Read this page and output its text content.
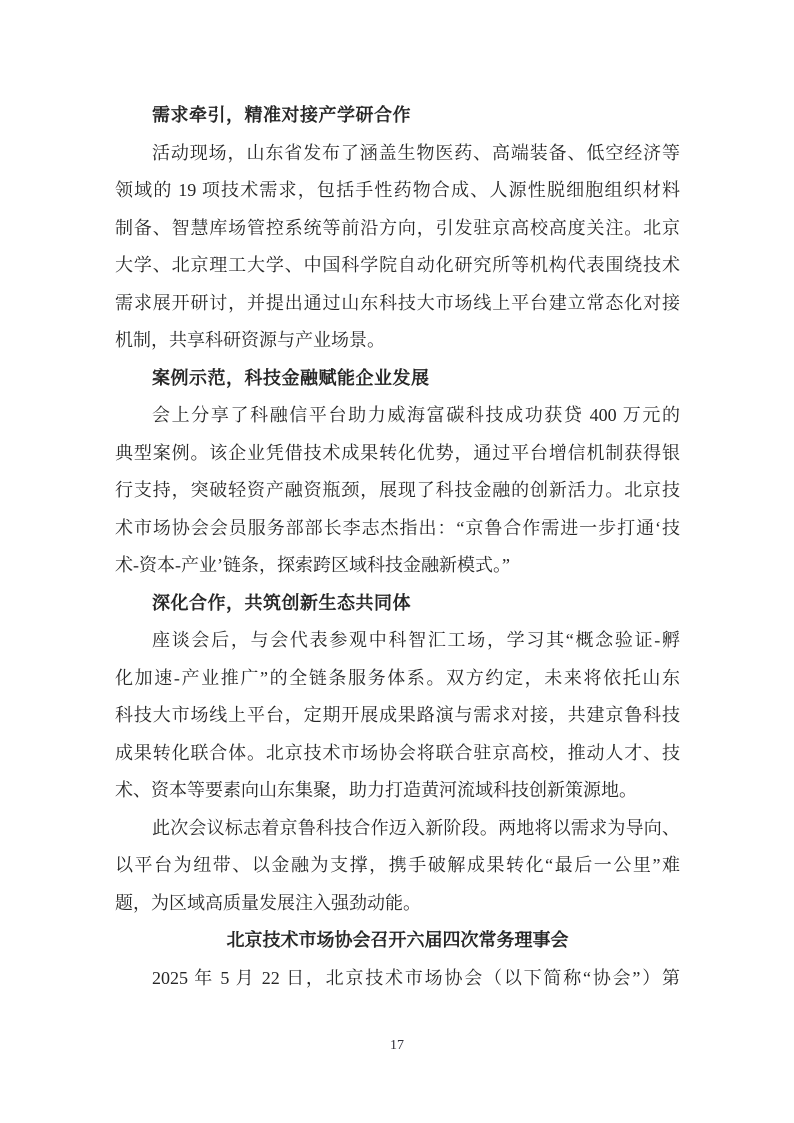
需求牵引，精准对接产学研合作
活动现场，山东省发布了涵盖生物医药、高端装备、低空经济等
领域的 19 项技术需求，包括手性药物合成、人源性脱细胞组织材料
制备、智慧库场管控系统等前沿方向，引发驻京高校高度关注。北京
大学、北京理工大学、中国科学院自动化研究所等机构代表围绕技术
需求展开研讨，并提出通过山东科技大市场线上平台建立常态化对接
机制，共享科研资源与产业场景。
案例示范，科技金融赋能企业发展
会上分享了科融信平台助力威海富碳科技成功获贷 400 万元的
典型案例。该企业凭借技术成果转化优势，通过平台增信机制获得银
行支持，突破轻资产融资瓶颈，展现了科技金融的创新活力。北京技
术市场协会会员服务部部长李志杰指出：“京鲁合作需进一步打通‘技
术-资本-产业’链条，探索跨区域科技金融新模式。”
深化合作，共筑创新生态共同体
座谈会后，与会代表参观中科智汇工场，学习其“概念验证-孵
化加速-产业推广”的全链条服务体系。双方约定，未来将依托山东
科技大市场线上平台，定期开展成果路演与需求对接，共建京鲁科技
成果转化联合体。北京技术市场协会将联合驻京高校，推动人才、技
术、资本等要素向山东集聚，助力打造黄河流域科技创新策源地。
此次会议标志着京鲁科技合作迈入新阶段。两地将以需求为导向、
以平台为纽带、以金融为支撑，携手破解成果转化“最后一公里”难
题，为区域高质量发展注入强劲动能。
北京技术市场协会召开六届四次常务理事会
2025 年 5 月 22 日，北京技术市场协会（以下简称“协会”）第
17
